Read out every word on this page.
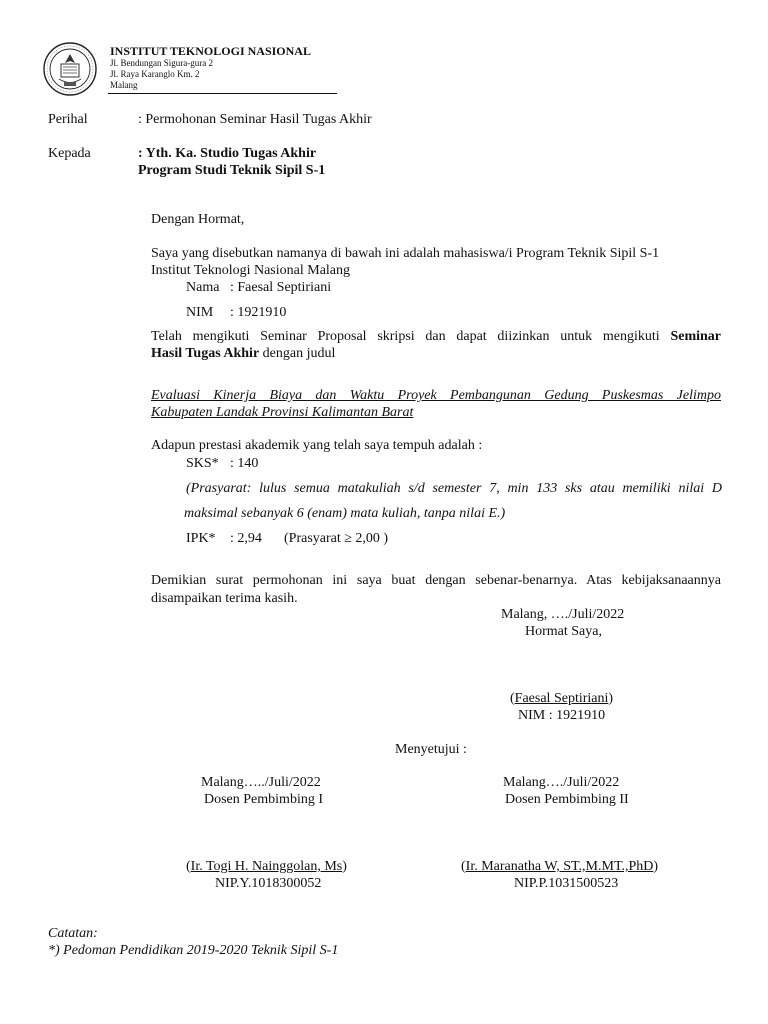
INSTITUT TEKNOLOGI NASIONAL
Jl. Bendungan Sigura-gura 2
Jl. Raya Karanglo Km. 2
Malang
Perihal	: Permohonan Seminar Hasil Tugas Akhir
Kepada	: Yth. Ka. Studio Tugas Akhir
Program Studi Teknik Sipil S-1
Dengan Hormat,
Saya yang disebutkan namanya di bawah ini adalah mahasiswa/i Program Teknik Sipil S-1
Institut Teknologi Nasional Malang
Nama : Faesal Septiriani
NIM : 1921910
Telah mengikuti Seminar Proposal skripsi dan dapat diizinkan untuk mengikuti Seminar
Hasil Tugas Akhir dengan judul
Evaluasi Kinerja Biaya dan Waktu Proyek Pembangunan Gedung Puskesmas Jelimpo
Kabupaten Landak Provinsi Kalimantan Barat
Adapun prestasi akademik yang telah saya tempuh adalah :
SKS* : 140
(Prasyarat: lulus semua matakuliah s/d semester 7, min 133 sks atau memiliki nilai D
maksimal sebanyak 6 (enam) mata kuliah, tanpa nilai E.)
IPK* : 2,94 (Prasyarat ≥ 2,00 )
Demikian surat permohonan ini saya buat dengan sebenar-benarnya. Atas kebijaksanaannya
disampaikan terima kasih.
Malang, …./Juli/2022
Hormat Saya,
(Faesal Septiriani)
NIM : 1921910
Menyetujui :
Malang…../Juli/2022
Dosen Pembimbing I
(Ir. Togi H. Nainggolan, Ms)
NIP.Y.1018300052
Malang…./Juli/2022
Dosen Pembimbing II
(Ir. Maranatha W, ST.,M.MT.,PhD)
NIP.P.1031500523
Catatan:
*) Pedoman Pendidikan 2019-2020 Teknik Sipil S-1
